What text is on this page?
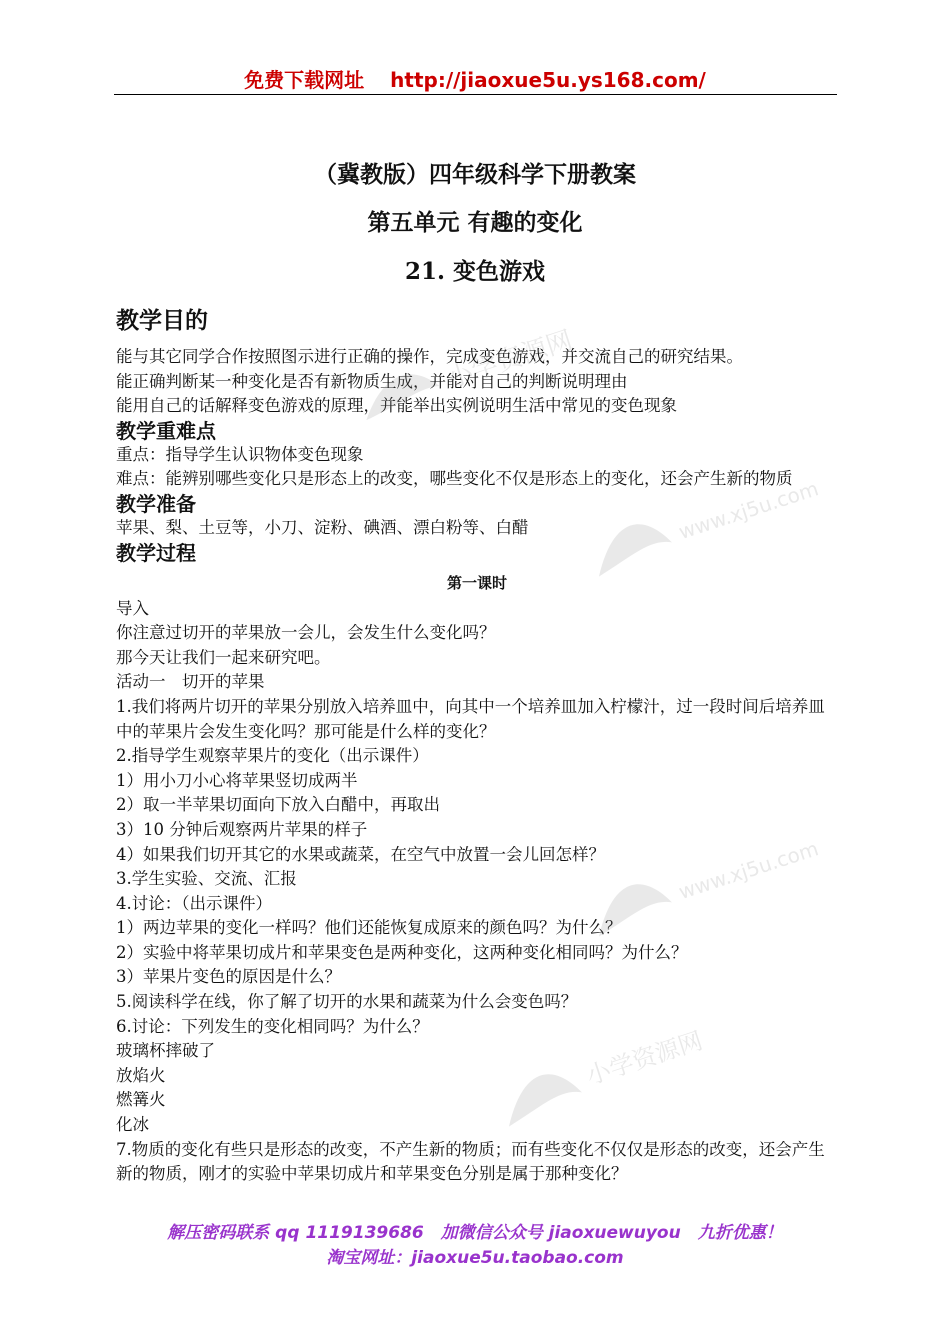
免费下载网址 http://jiaoxue5u.ys168.com/
（冀教版）四年级科学下册教案
第五单元 有趣的变化
21. 变色游戏
教学目的

能与其它同学合作按照图示进行正确的操作，完成变色游戏，并交流自己的研究结果。

能正确判断某一种变化是否有新物质生成，并能对自己的判断说明理由

能用自己的话解释变色游戏的原理，并能举出实例说明生活中常见的变色现象

教学重难点

重点：指导学生认识物体变色现象

难点：能辨别哪些变化只是形态上的改变，哪些变化不仅是形态上的变化，还会产生新的物质

教学准备

苹果、梨、土豆等，小刀、淀粉、碘酒、漂白粉等、白醋

教学过程
第一课时

导入

你注意过切开的苹果放一会儿，会发生什么变化吗？

那今天让我们一起来研究吧。

活动一　切开的苹果

1.我们将两片切开的苹果分别放入培养皿中，向其中一个培养皿加入柠檬汁，过一段时间后培养皿中的苹果片会发生变化吗？那可能是什么样的变化？

2.指导学生观察苹果片的变化（出示课件）

1）用小刀小心将苹果竖切成两半

2）取一半苹果切面向下放入白醋中，再取出

3）10 分钟后观察两片苹果的样子

4）如果我们切开其它的水果或蔬菜，在空气中放置一会儿回怎样？

3.学生实验、交流、汇报

4.讨论：（出示课件）

1）两边苹果的变化一样吗？他们还能恢复成原来的颜色吗？为什么？

2）实验中将苹果切成片和苹果变色是两种变化，这两种变化相同吗？为什么？

3）苹果片变色的原因是什么？

5.阅读科学在线，你了解了切开的水果和蔬菜为什么会变色吗？

6.讨论：下列发生的变化相同吗？为什么？

玻璃杯摔破了

放焰火

燃篝火

化冰

7.物质的变化有些只是形态的改变，不产生新的物质；而有些变化不仅仅是形态的改变，还会产生新的物质，刚才的实验中苹果切成片和苹果变色分别是属于那种变化？

小学资源网
www.xj5u.com
www.xj5u.com
小学资源网
解压密码联系 qq 1119139686　加微信公众号 jiaoxuewuyou　九折优惠！
淘宝网址：jiaoxue5u.taobao.com
